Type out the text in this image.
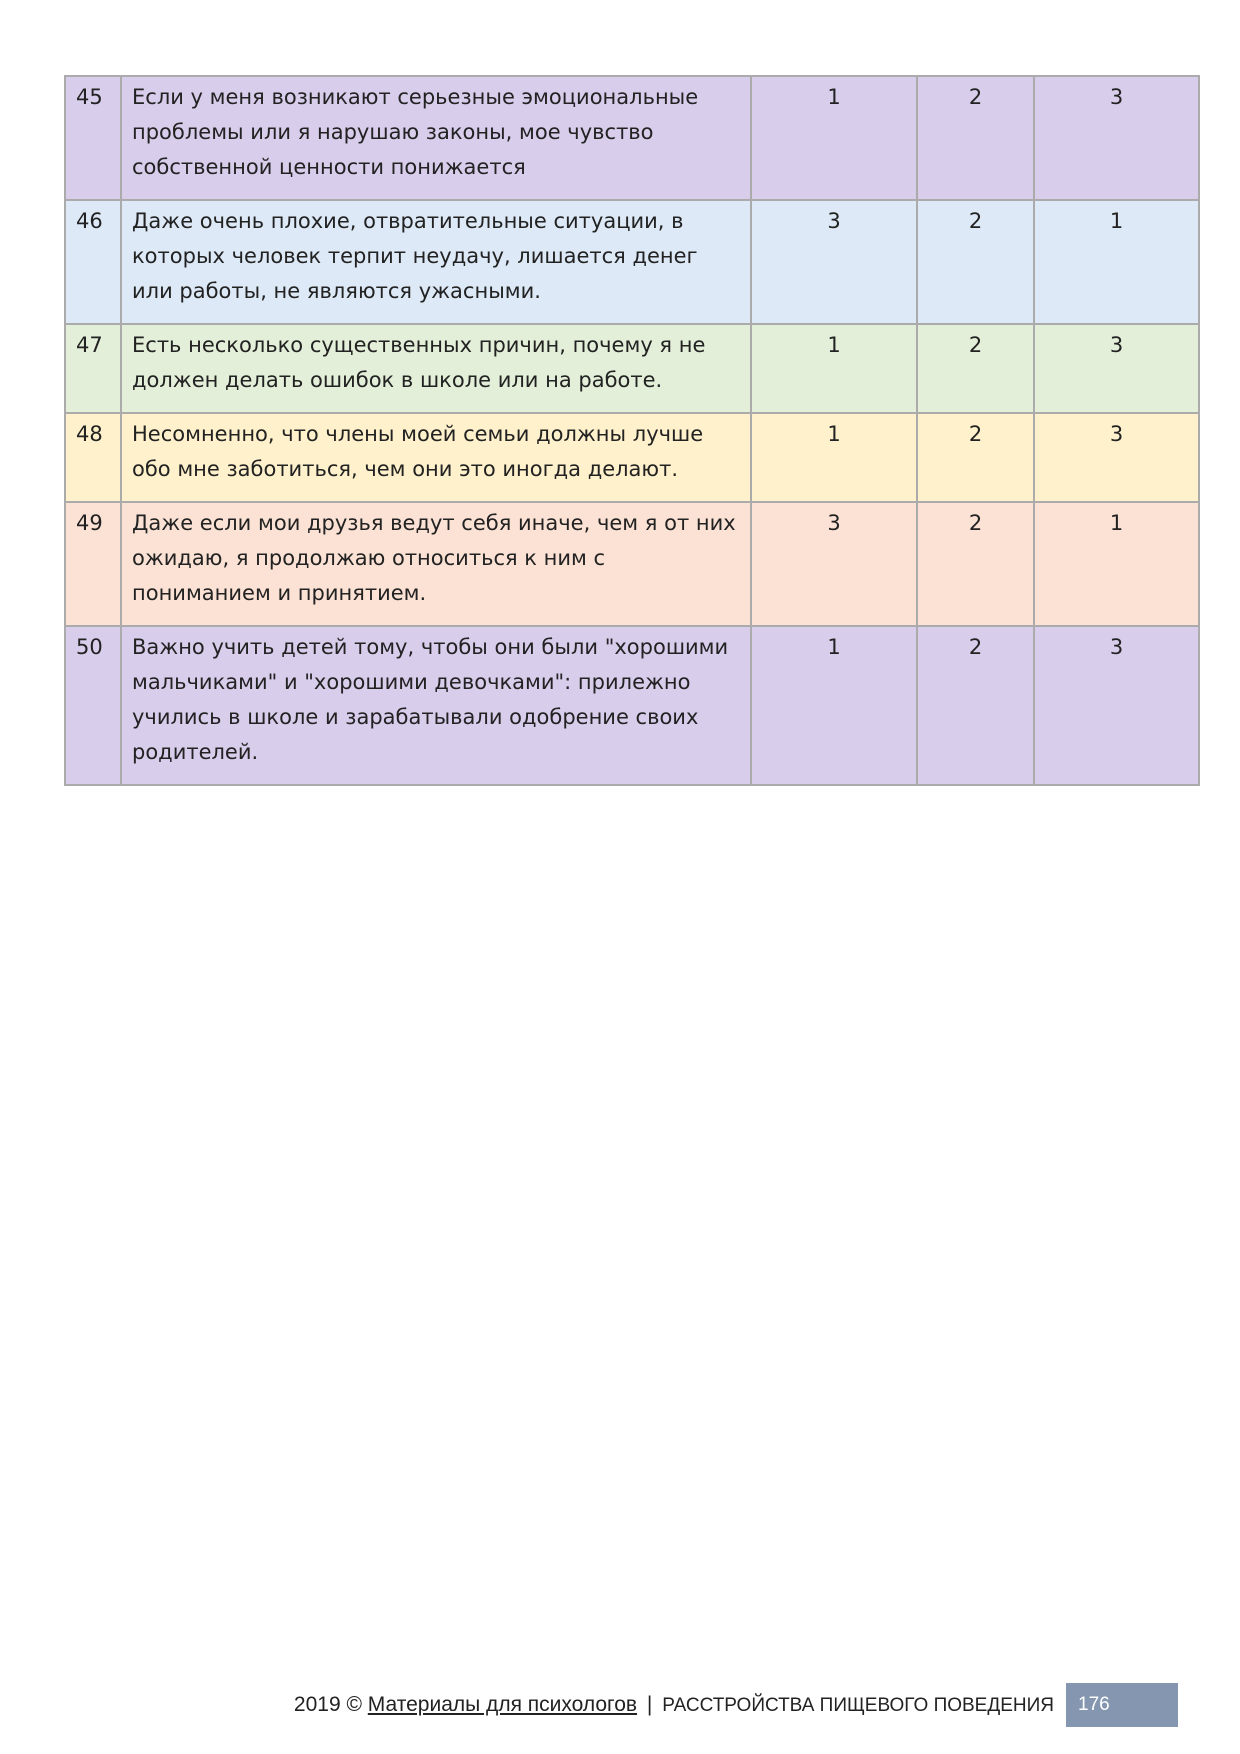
45	Если у меня возникают серьезные эмоциональные проблемы или я нарушаю законы, мое чувство собственной ценности понижается	1	2	3
46	Даже очень плохие, отвратительные ситуации, в которых человек терпит неудачу, лишается денег или работы, не являются ужасными.	3	2	1
47	Есть несколько существенных причин, почему я не должен делать ошибок в школе или на работе.	1	2	3
48	Несомненно, что члены моей семьи должны лучше обо мне заботиться, чем они это иногда делают.	1	2	3
49	Даже если мои друзья ведут себя иначе, чем я от них ожидаю, я продолжаю относиться к ним с пониманием и принятием.	3	2	1
50	Важно учить детей тому, чтобы они были "хорошими мальчиками" и "хорошими девочками": прилежно учились в школе и зарабатывали одобрение своих родителей.	1	2	3
2019 © Материалы для психологов | РАССТРОЙСТВА ПИЩЕВОГО ПОВЕДЕНИЯ	176
